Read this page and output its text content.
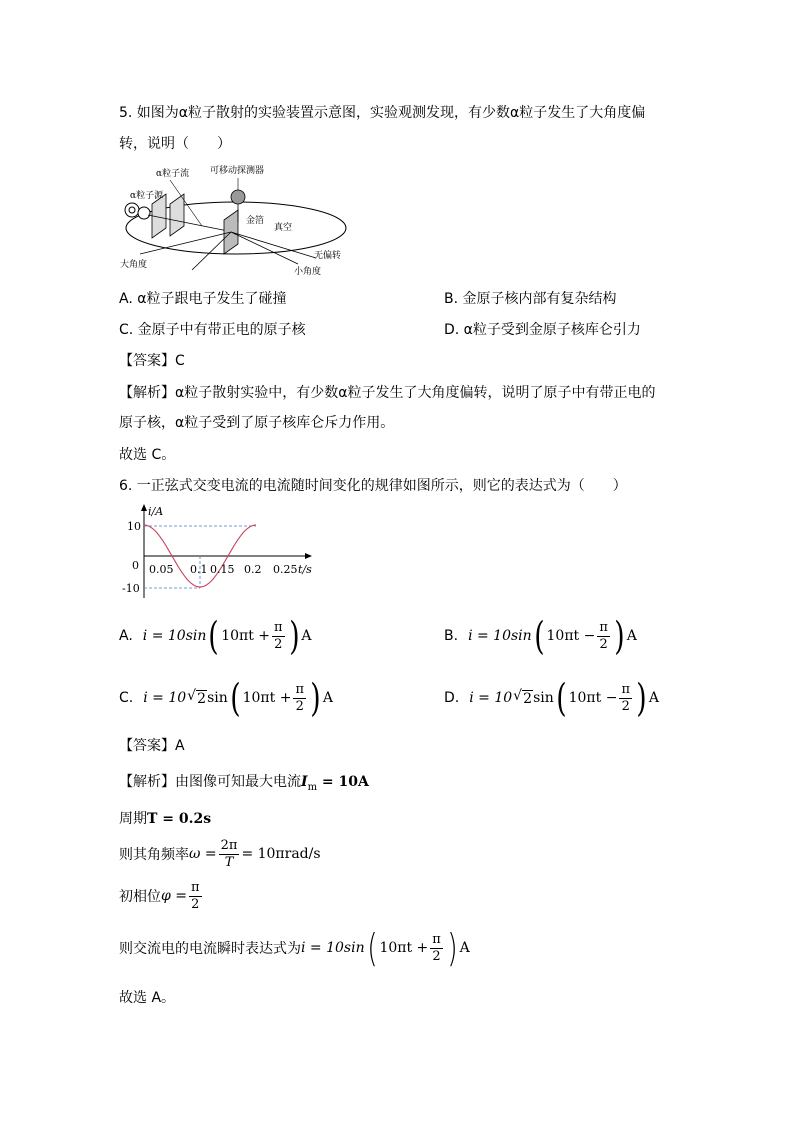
5. 如图为α粒子散射的实验装置示意图，实验观测发现，有少数α粒子发生了大角度偏
转，说明（　　）
α粒子流 可移动探测器
α粒子源
金箔
真空
大角度
无偏转
小角度
A. α粒子跟电子发生了碰撞	B. 金原子核内部有复杂结构
C. 金原子中有带正电的原子核	D. α粒子受到金原子核库仑引力
【答案】C
【解析】α粒子散射实验中，有少数α粒子发生了大角度偏转，说明了原子中有带正电的
原子核，α粒子受到了原子核库仑斥力作用。
故选 C。
6. 一正弦式交变电流的电流随时间变化的规律如图所示，则它的表达式为（　　）
i/A
10
0
-10
0.05 0.1 0.15 0.2 0.25 t/s
A. i = 10sin ( $10\pi t + \frac{\pi}{2}$ ) A	B. i = 10sin ( $10\pi t - \frac{\pi}{2}$ ) A
C. i = 10 √ 2 sin ( $10\pi t + \frac{\pi}{2}$ ) A	D. i = 10 √ 2 sin ( $10\pi t - \frac{\pi}{2}$ ) A
【答案】A
【解析】由图像可知最大电流$I_m = 10A$
周期T = 0.2s
则其角频率 $\omega = \frac{2\pi}{T} = 10\pi rad/s$
初相位 $\varphi = \frac{\pi}{2}$
则交流电的电流瞬时表达式为 i = 10sin ( $10\pi t + \frac{\pi}{2}$ ) A
故选 A。
